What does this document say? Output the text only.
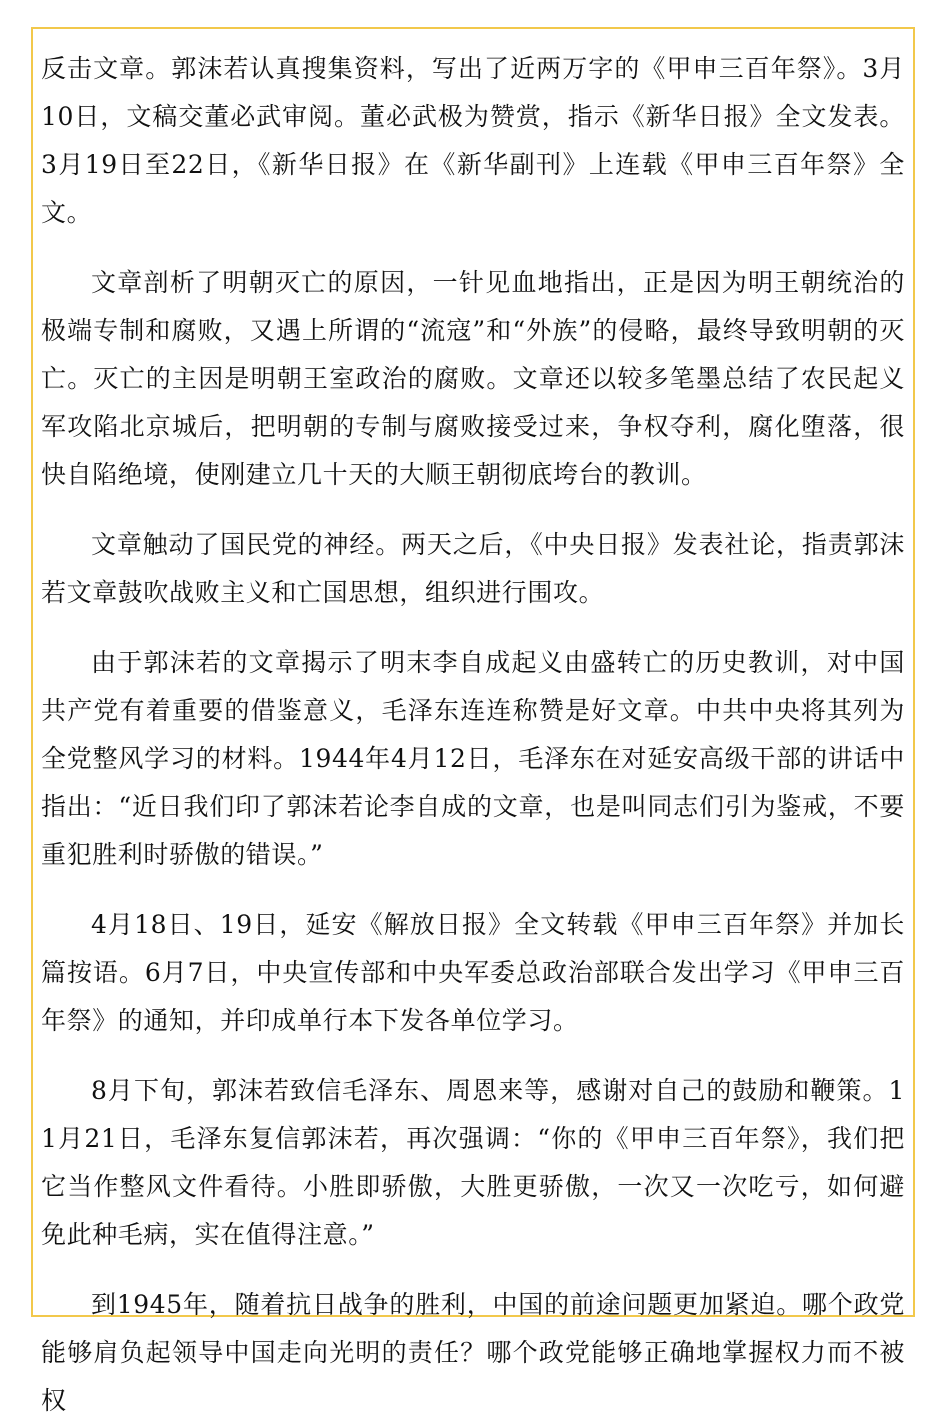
反击文章。郭沫若认真搜集资料，写出了近两万字的《甲申三百年祭》。3月10日，文稿交董必武审阅。董必武极为赞赏，指示《新华日报》全文发表。3月19日至22日，《新华日报》在《新华副刊》上连载《甲申三百年祭》全文。

文章剖析了明朝灭亡的原因，一针见血地指出，正是因为明王朝统治的极端专制和腐败，又遇上所谓的“流寇”和“外族”的侵略，最终导致明朝的灭亡。灭亡的主因是明朝王室政治的腐败。文章还以较多笔墨总结了农民起义军攻陷北京城后，把明朝的专制与腐败接受过来，争权夺利，腐化堕落，很快自陷绝境，使刚建立几十天的大顺王朝彻底垮台的教训。

文章触动了国民党的神经。两天之后，《中央日报》发表社论，指责郭沫若文章鼓吹战败主义和亡国思想，组织进行围攻。

由于郭沫若的文章揭示了明末李自成起义由盛转亡的历史教训，对中国共产党有着重要的借鉴意义，毛泽东连连称赞是好文章。中共中央将其列为全党整风学习的材料。1944年4月12日，毛泽东在对延安高级干部的讲话中指出：“近日我们印了郭沫若论李自成的文章，也是叫同志们引为鉴戒，不要重犯胜利时骄傲的错误。”

4月18日、19日，延安《解放日报》全文转载《甲申三百年祭》并加长篇按语。6月7日，中央宣传部和中央军委总政治部联合发出学习《甲申三百年祭》的通知，并印成单行本下发各单位学习。

8月下旬，郭沫若致信毛泽东、周恩来等，感谢对自己的鼓励和鞭策。11月21日，毛泽东复信郭沫若，再次强调：“你的《甲申三百年祭》，我们把它当作整风文件看待。小胜即骄傲，大胜更骄傲，一次又一次吃亏，如何避免此种毛病，实在值得注意。”

到1945年，随着抗日战争的胜利，中国的前途问题更加紧迫。哪个政党能够肩负起领导中国走向光明的责任？哪个政党能够正确地掌握权力而不被权
